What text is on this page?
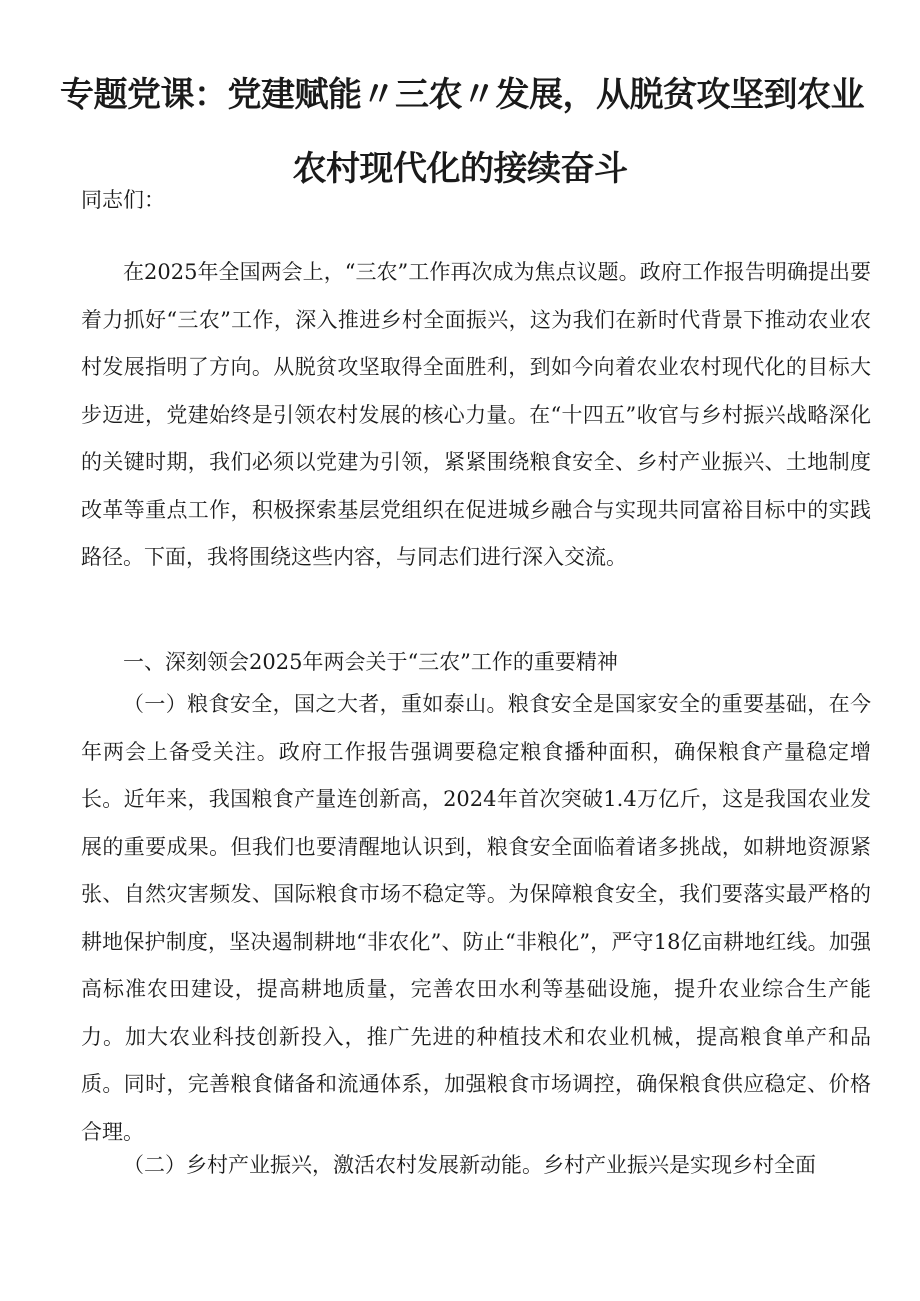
专题党课：党建赋能〃三农〃发展，从脱贫攻坚到农业
农村现代化的接续奋斗

同志们：

在2025年全国两会上，“三农”工作再次成为焦点议题。政府工作报告明确提出要着力抓好“三农”工作，深入推进乡村全面振兴，这为我们在新时代背景下推动农业农村发展指明了方向。从脱贫攻坚取得全面胜利，到如今向着农业农村现代化的目标大步迈进，党建始终是引领农村发展的核心力量。在“十四五”收官与乡村振兴战略深化的关键时期，我们必须以党建为引领，紧紧围绕粮食安全、乡村产业振兴、土地制度改革等重点工作，积极探索基层党组织在促进城乡融合与实现共同富裕目标中的实践路径。下面，我将围绕这些内容，与同志们进行深入交流。

一、深刻领会2025年两会关于“三农”工作的重要精神

（一）粮食安全，国之大者，重如泰山。粮食安全是国家安全的重要基础，在今年两会上备受关注。政府工作报告强调要稳定粮食播种面积，确保粮食产量稳定增长。近年来，我国粮食产量连创新高，2024年首次突破1.4万亿斤，这是我国农业发展的重要成果。但我们也要清醒地认识到，粮食安全面临着诸多挑战，如耕地资源紧张、自然灾害频发、国际粮食市场不稳定等。为保障粮食安全，我们要落实最严格的耕地保护制度，坚决遏制耕地“非农化”、防止“非粮化”，严守18亿亩耕地红线。加强高标准农田建设，提高耕地质量，完善农田水利等基础设施，提升农业综合生产能力。加大农业科技创新投入，推广先进的种植技术和农业机械，提高粮食单产和品质。同时，完善粮食储备和流通体系，加强粮食市场调控，确保粮食供应稳定、价格合理。

（二）乡村产业振兴，激活农村发展新动能。乡村产业振兴是实现乡村全面
